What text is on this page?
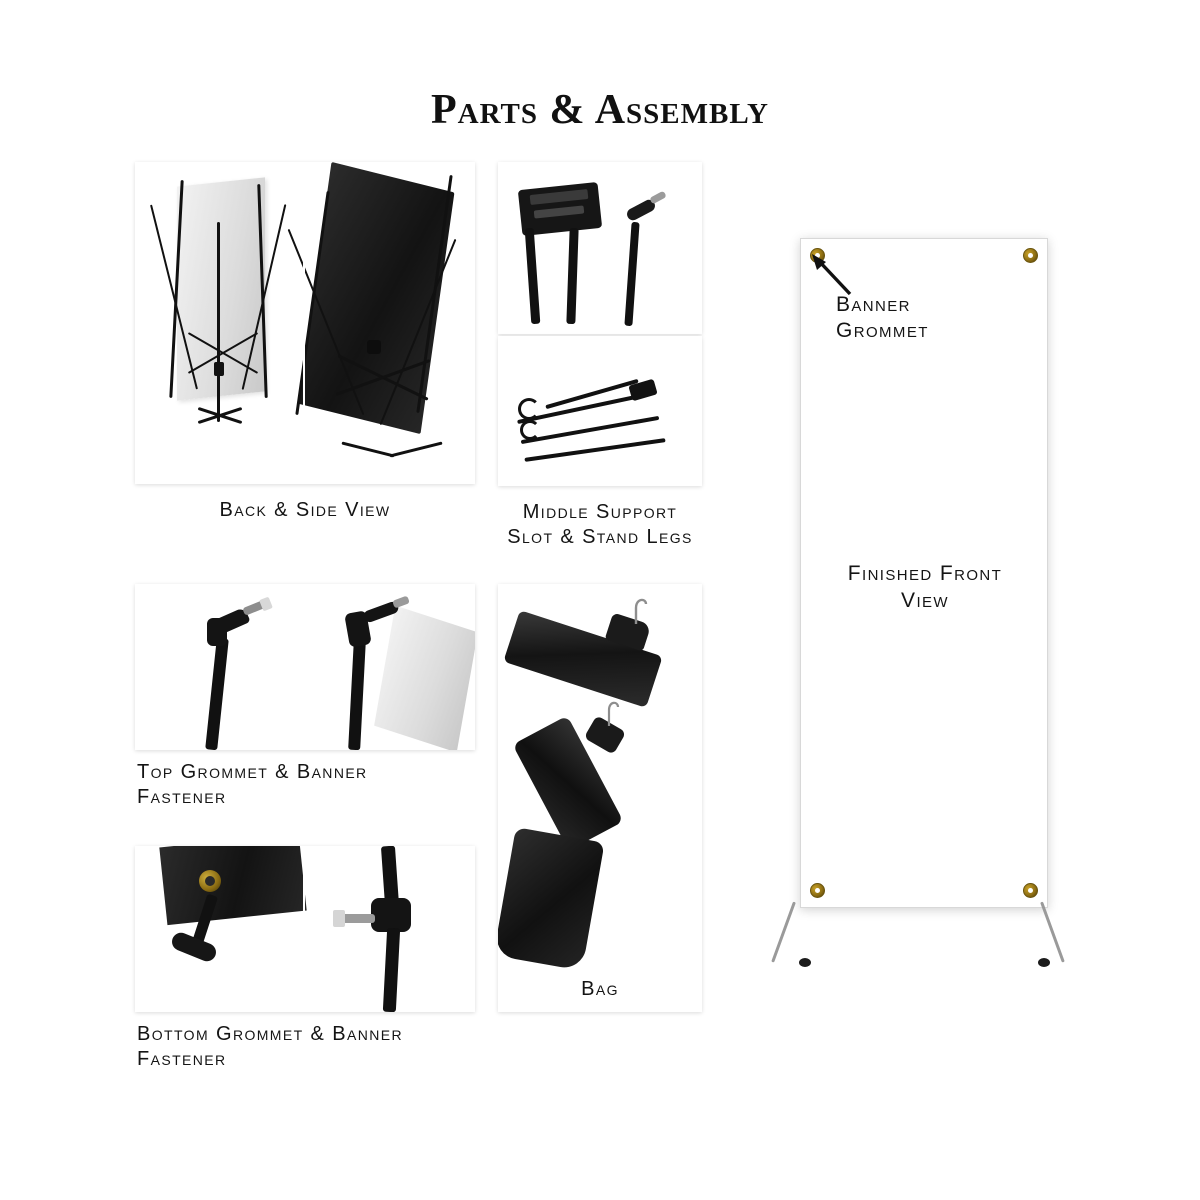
Parts & Assembly
Back & Side View	Middle Support
Slot & Stand Legs
Top Grommet & Banner
Fastener
Bottom Grommet & Banner
Fastener
Bag
Banner
Grommet
Finished Front
View
